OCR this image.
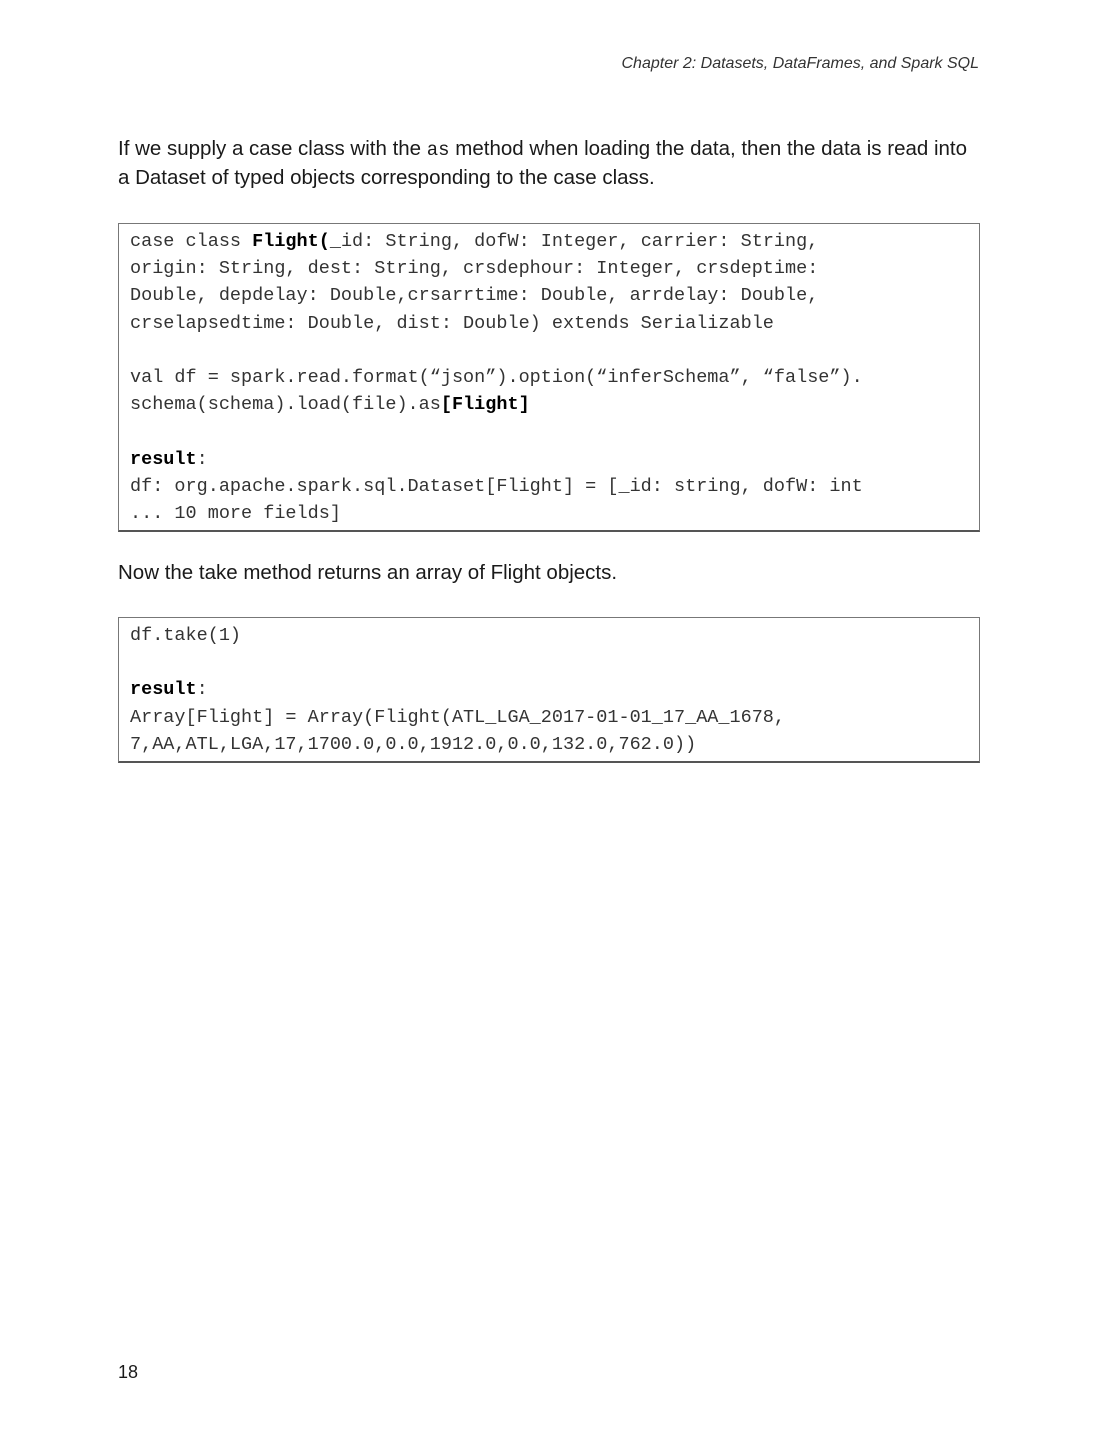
Chapter 2: Datasets, DataFrames, and Spark SQL

If we supply a case class with the as method when loading the data, then the data is read into a Dataset of typed objects corresponding to the case class.

case class Flight(_id: String, dofW: Integer, carrier: String,
origin: String, dest: String, crsdephour: Integer, crsdeptime:
Double, depdelay: Double,crsarrtime: Double, arrdelay: Double,
crselapsedtime: Double, dist: Double) extends Serializable
val df = spark.read.format(“json”).option(“inferSchema”, “false”).
schema(schema).load(file).as[Flight]
result:
df: org.apache.spark.sql.Dataset[Flight] = [_id: string, dofW: int
... 10 more fields]

Now the take method returns an array of Flight objects.

df.take(1)
result:
Array[Flight] = Array(Flight(ATL_LGA_2017-01-01_17_AA_1678,
7,AA,ATL,LGA,17,1700.0,0.0,1912.0,0.0,132.0,762.0))
18
